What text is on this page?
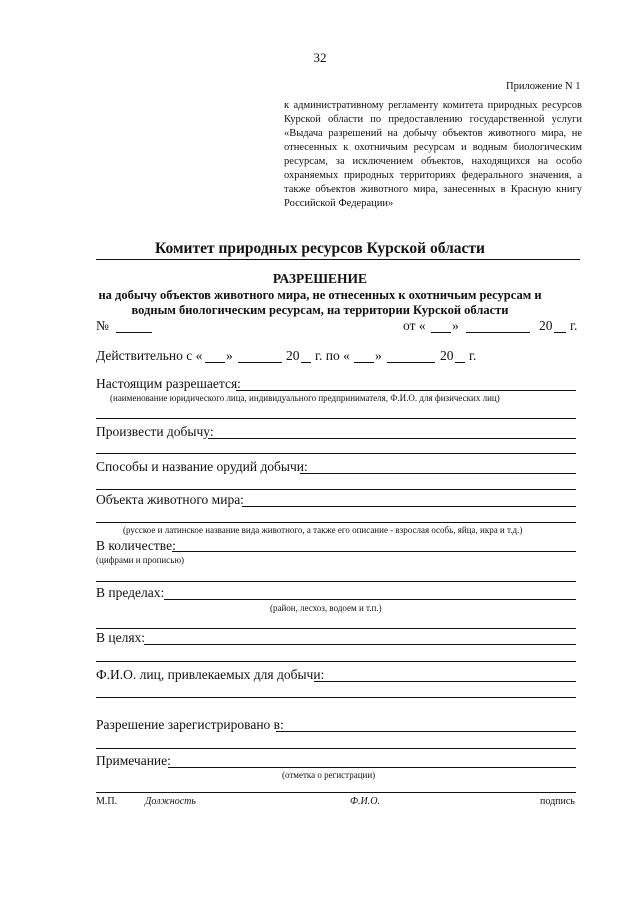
32
Приложение N 1
к административному регламенту комитета природных ресурсов
Курской области по предоставлению государственной услуги
«Выдача разрешений на добычу объектов животного мира, не
отнесенных к охотничьим ресурсам и водным биологическим
ресурсам, за исключением объектов, находящихся на особо
охраняемых природных территориях федерального значения, а
также объектов животного мира, занесенных в Красную книгу
Российской Федерации»
Комитет природных ресурсов Курской области
РАЗРЕШЕНИЕ
на добычу объектов животного мира, не отнесенных к охотничьим ресурсам и
водным биологическим ресурсам, на территории Курской области
№	от « »	20 г.
Действительно с « »	20 г. по « »	20 г.
Настоящим разрешается:
(наименование юридического лица, индивидуального предпринимателя, Ф.И.О. для физических лиц)
Произвести добычу:
Способы и название орудий добычи:
Объекта животного мира:
(русское и латинское название вида животного, а также его описание - взрослая особь, яйца, икра и т.д.)
В количестве:
(цифрами и прописью)
В пределах:
(район, лесхоз, водоем и т.п.)
В целях:
Ф.И.О. лиц, привлекаемых для добычи:
Разрешение зарегистрировано в:
Примечание:
(отметка о регистрации)
М.П.	Должность	Ф.И.О.	подпись
